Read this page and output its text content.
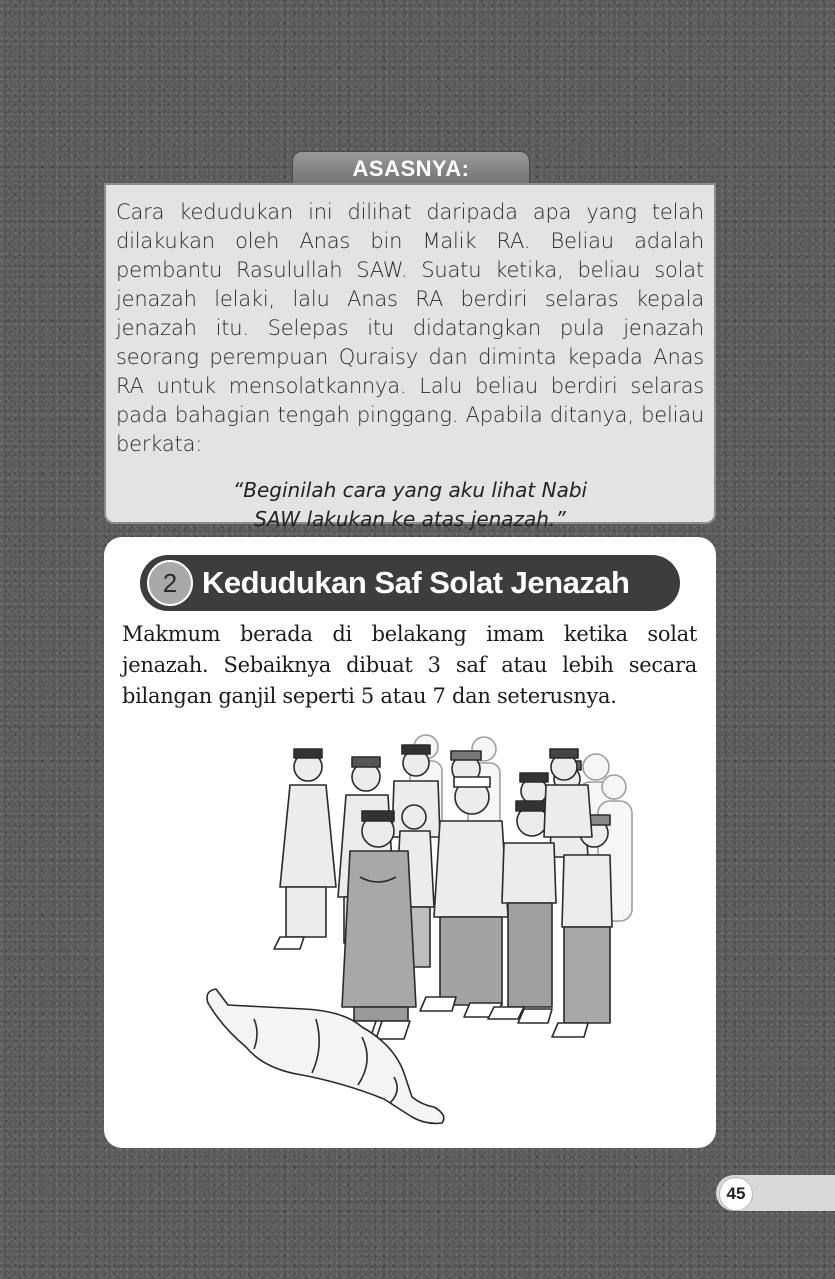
ASASNYA:

Cara kedudukan ini dilihat daripada apa yang telah dilakukan oleh Anas bin Malik RA. Beliau adalah pembantu Rasulullah SAW. Suatu ketika, beliau solat jenazah lelaki, lalu Anas RA berdiri selaras kepala jenazah itu. Selepas itu didatangkan pula jenazah seorang perempuan Quraisy dan diminta kepada Anas RA untuk mensolatkannya. Lalu beliau berdiri selaras pada bahagian tengah pinggang. Apabila ditanya, beliau berkata:

“Beginilah cara yang aku lihat Nabi
SAW lakukan ke atas jenazah.”
2 Kedudukan Saf Solat Jenazah

Makmum berada di belakang imam ketika solat jenazah. Sebaiknya dibuat 3 saf atau lebih secara bilangan ganjil seperti 5 atau 7 dan seterusnya.

45
